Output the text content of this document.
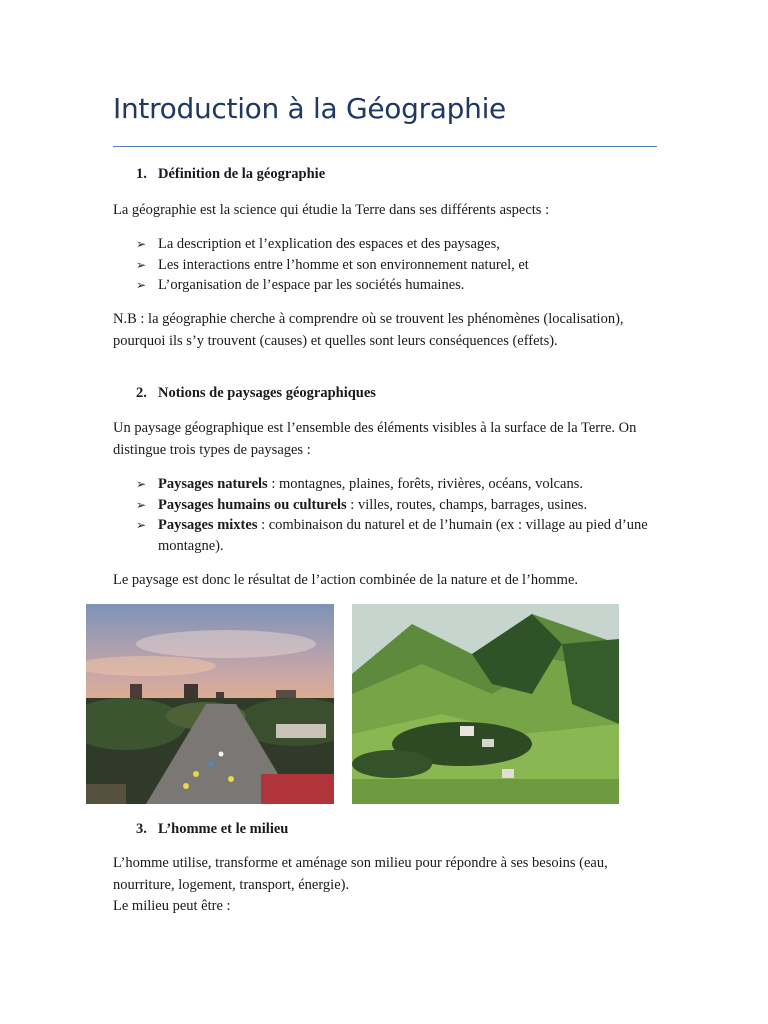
Introduction à la Géographie
1. Définition de la géographie
La géographie est la science qui étudie la Terre dans ses différents aspects :
➢ La description et l’explication des espaces et des paysages,
➢ Les interactions entre l’homme et son environnement naturel, et
➢ L’organisation de l’espace par les sociétés humaines.
N.B : la géographie cherche à comprendre où se trouvent les phénomènes (localisation), pourquoi ils s’y trouvent (causes) et quelles sont leurs conséquences (effets).
2. Notions de paysages géographiques
Un paysage géographique est l’ensemble des éléments visibles à la surface de la Terre. On distingue trois types de paysages :
➢ Paysages naturels : montagnes, plaines, forêts, rivières, océans, volcans.
➢ Paysages humains ou culturels : villes, routes, champs, barrages, usines.
➢ Paysages mixtes : combinaison du naturel et de l’humain (ex : village au pied d’une montagne).
Le paysage est donc le résultat de l’action combinée de la nature et de l’homme.
3. L’homme et le milieu
L’homme utilise, transforme et aménage son milieu pour répondre à ses besoins (eau, nourriture, logement, transport, énergie).
Le milieu peut être :
